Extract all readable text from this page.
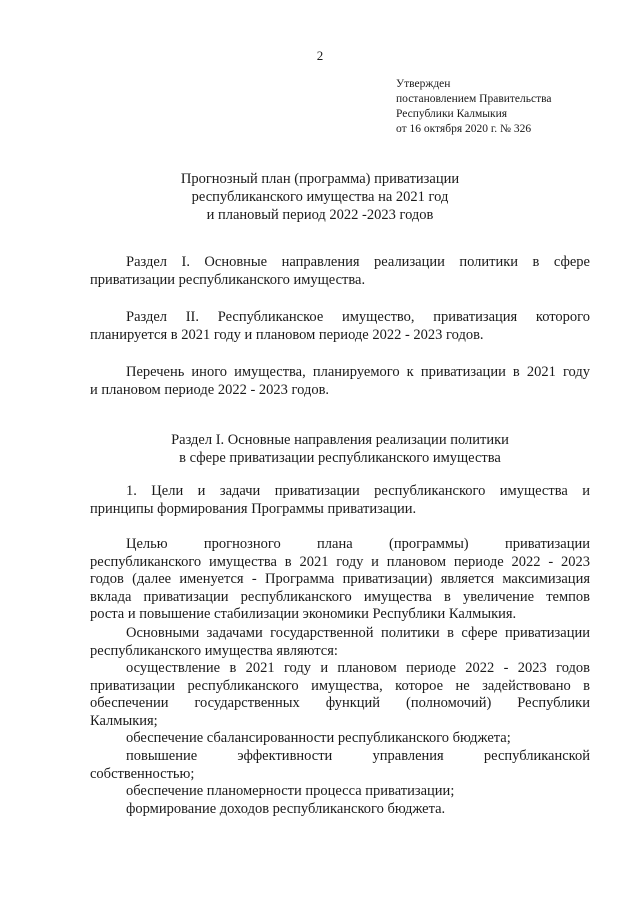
2
Утвержден
постановлением Правительства
Республики Калмыкия
от 16 октября 2020 г. № 326
Прогнозный план (программа) приватизации
республиканского имущества на 2021 год
и плановый период 2022 -2023 годов
Раздел I. Основные направления реализации политики в сфере
приватизации республиканского имущества.
Раздел II. Республиканское имущество, приватизация которого
планируется в 2021 году и плановом периоде 2022 - 2023 годов.
Перечень иного имущества, планируемого к приватизации в 2021 году
и плановом периоде 2022 - 2023 годов.
Раздел I. Основные направления реализации политики
в сфере приватизации республиканского имущества
1. Цели и задачи приватизации республиканского имущества и
принципы формирования Программы приватизации.
Целью прогнозного плана (программы) приватизации
республиканского имущества в 2021 году и плановом периоде 2022 - 2023
годов (далее именуется - Программа приватизации) является максимизация
вклада приватизации республиканского имущества в увеличение темпов
роста и повышение стабилизации экономики Республики Калмыкия.
Основными задачами государственной политики в сфере приватизации
республиканского имущества являются:
осуществление в 2021 году и плановом периоде 2022 - 2023 годов
приватизации республиканского имущества, которое не задействовано в
обеспечении государственных функций (полномочий) Республики
Калмыкия;
обеспечение сбалансированности республиканского бюджета;
повышение эффективности управления республиканской
собственностью;
обеспечение планомерности процесса приватизации;
формирование доходов республиканского бюджета.
